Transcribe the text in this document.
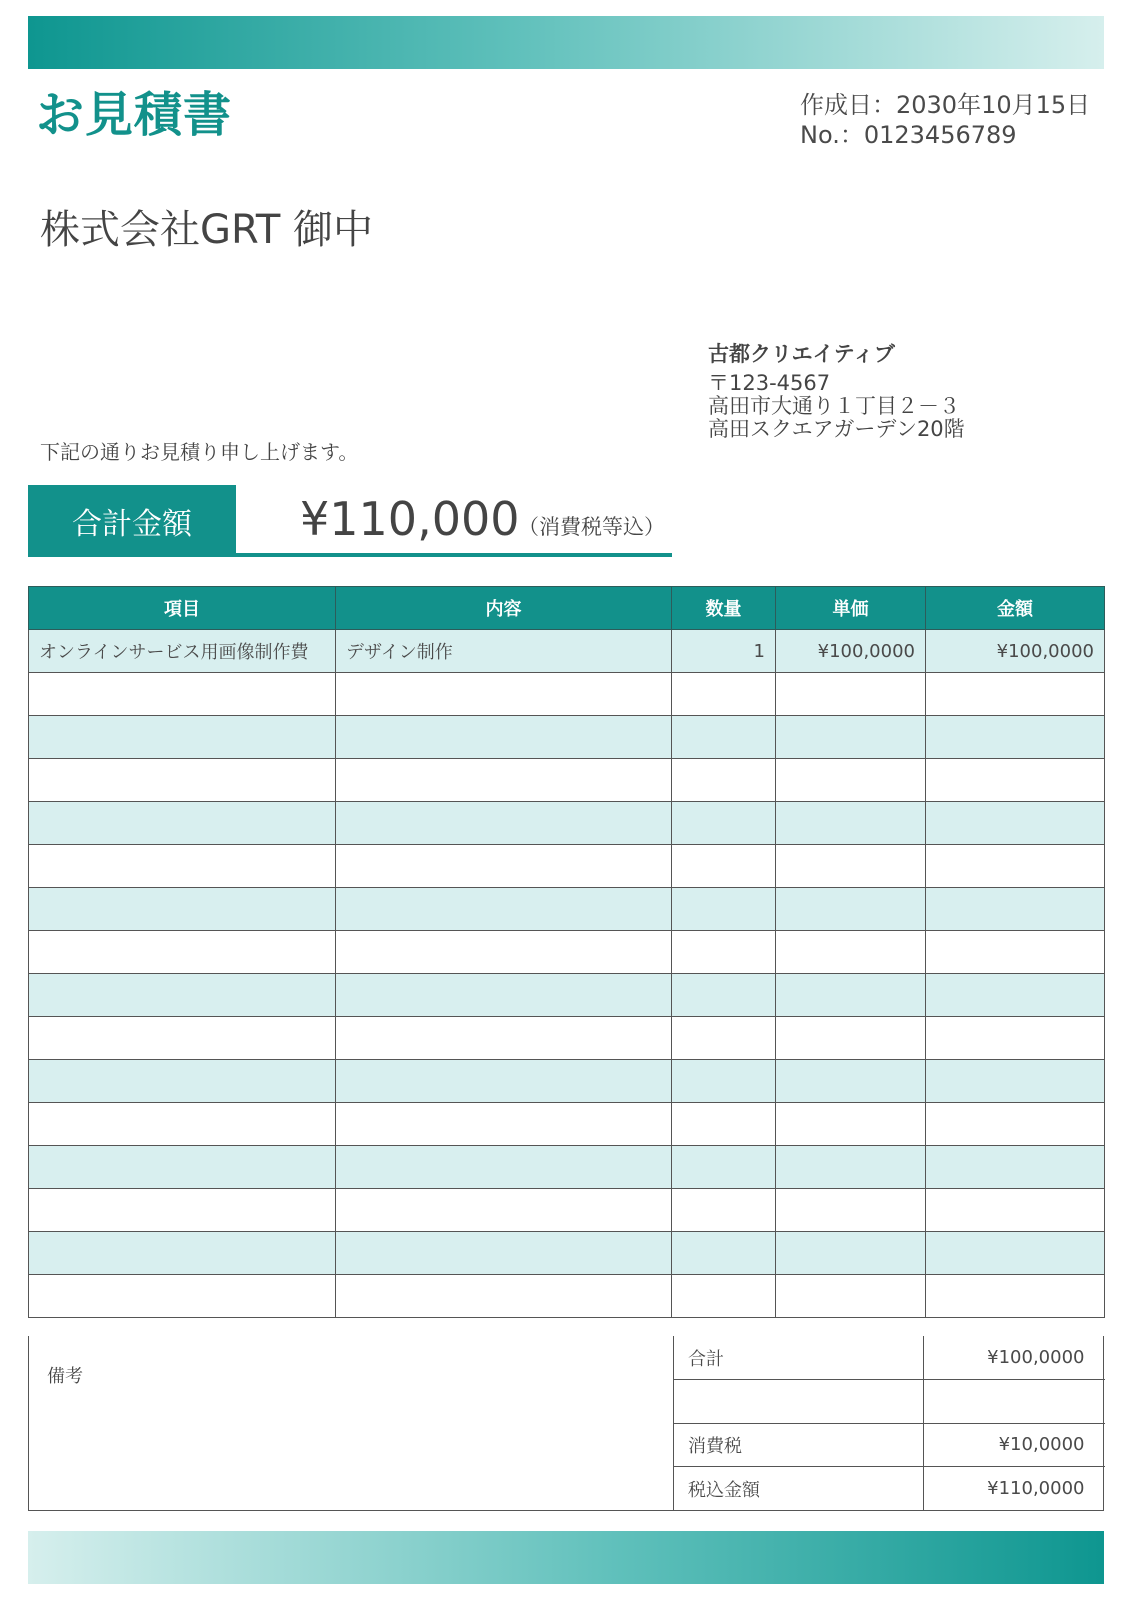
お見積書	作成日：2030年10月15日
No.：0123456789
株式会社GRT 御中
古都クリエイティブ
〒123-4567
高田市大通り１丁目２－３
高田スクエアガーデン20階
下記の通りお見積り申し上げます。
合計金額	¥110,000
（消費税等込）
項目	内容	数量	単価	金額
オンラインサービス用画像制作費	デザイン制作	1	¥100,0000	¥100,0000

備考
合計	¥100,0000

消費税	¥10,0000
税込金額	¥110,0000
